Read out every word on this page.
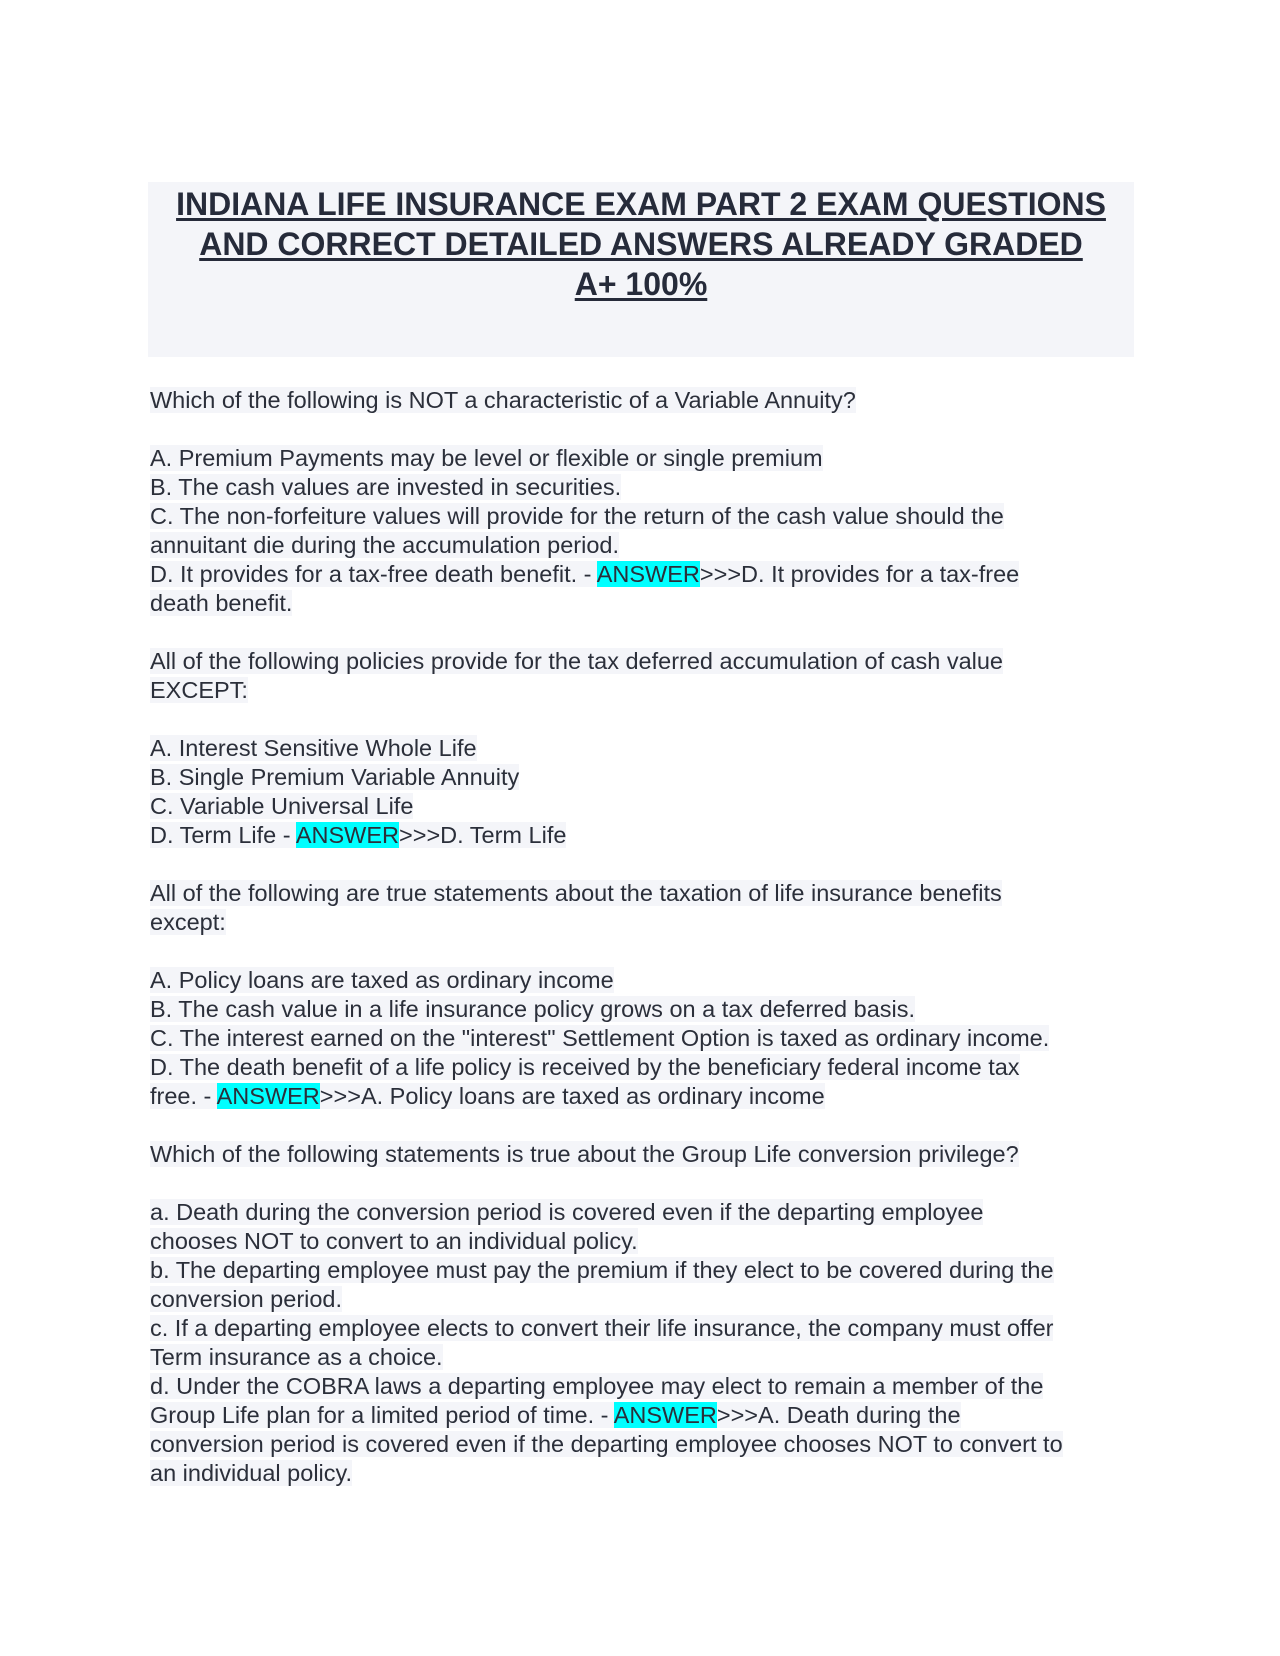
INDIANA LIFE INSURANCE EXAM PART 2 EXAM QUESTIONS
AND CORRECT DETAILED ANSWERS ALREADY GRADED
A+ 100%
Which of the following is NOT a characteristic of a Variable Annuity?
A. Premium Payments may be level or flexible or single premium
B. The cash values are invested in securities.
C. The non-forfeiture values will provide for the return of the cash value should the
annuitant die during the accumulation period.
D. It provides for a tax-free death benefit. - ANSWER>>>D. It provides for a tax-free
death benefit.
All of the following policies provide for the tax deferred accumulation of cash value
EXCEPT:
A. Interest Sensitive Whole Life
B. Single Premium Variable Annuity
C. Variable Universal Life
D. Term Life - ANSWER>>>D. Term Life
All of the following are true statements about the taxation of life insurance benefits
except:
A. Policy loans are taxed as ordinary income
B. The cash value in a life insurance policy grows on a tax deferred basis.
C. The interest earned on the "interest" Settlement Option is taxed as ordinary income.
D. The death benefit of a life policy is received by the beneficiary federal income tax
free. - ANSWER>>>A. Policy loans are taxed as ordinary income
Which of the following statements is true about the Group Life conversion privilege?
a. Death during the conversion period is covered even if the departing employee
chooses NOT to convert to an individual policy.
b. The departing employee must pay the premium if they elect to be covered during the
conversion period.
c. If a departing employee elects to convert their life insurance, the company must offer
Term insurance as a choice.
d. Under the COBRA laws a departing employee may elect to remain a member of the
Group Life plan for a limited period of time. - ANSWER>>>A. Death during the
conversion period is covered even if the departing employee chooses NOT to convert to
an individual policy.
